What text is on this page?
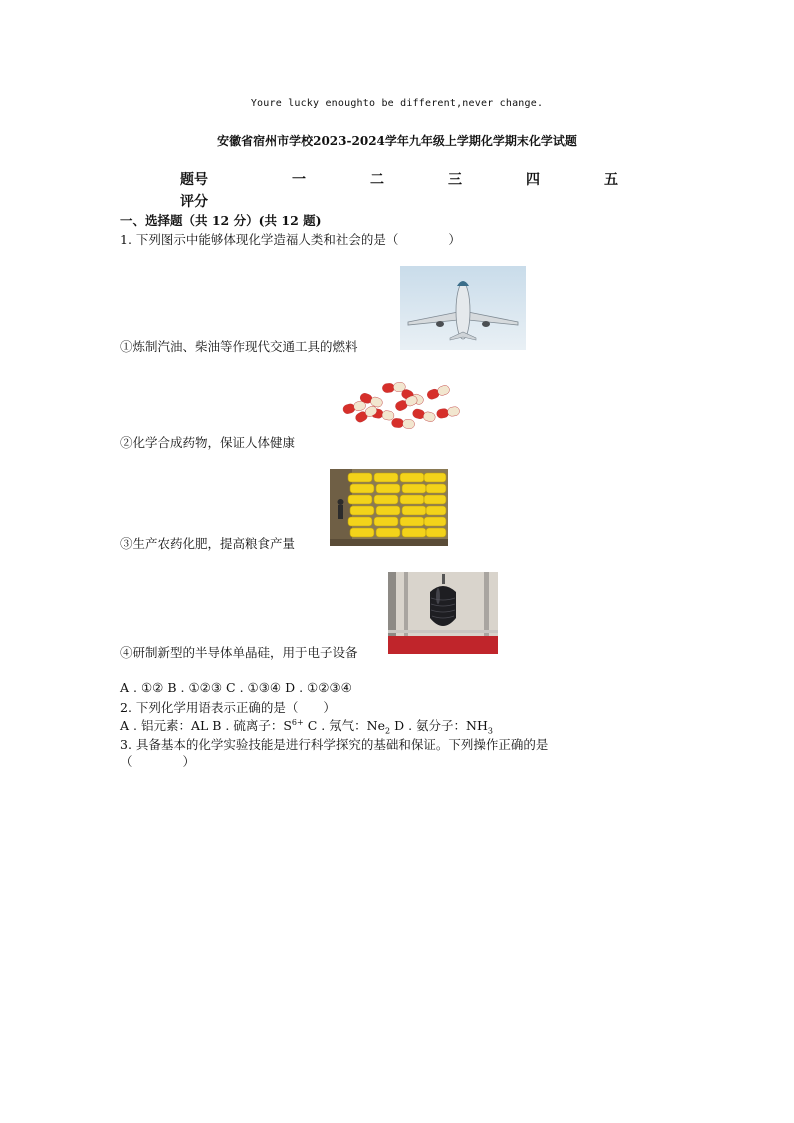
Youre lucky enoughto be different,never change.
安徽省宿州市学校2023-2024学年九年级上学期化学期末化学试题
题号	一	二	三	四	五
评分
一、选择题（共 12 分）(共 12 题)
1. 下列图示中能够体现化学造福人类和社会的是（　　　　）
①炼制汽油、柴油等作现代交通工具的燃料
②化学合成药物，保证人体健康
③生产农药化肥，提高粮食产量
④研制新型的半导体单晶硅，用于电子设备
A . ①② B . ①②③ C . ①③④ D . ①②③④
2. 下列化学用语表示正确的是（　　）
A . 铝元素：AL B . 硫离子：$S^{6+}$ C . 氖气：$Ne_2$ D . 氨分子：$NH_3$
3. 具备基本的化学实验技能是进行科学探究的基础和保证。下列操作正确的是
（　　　　）
